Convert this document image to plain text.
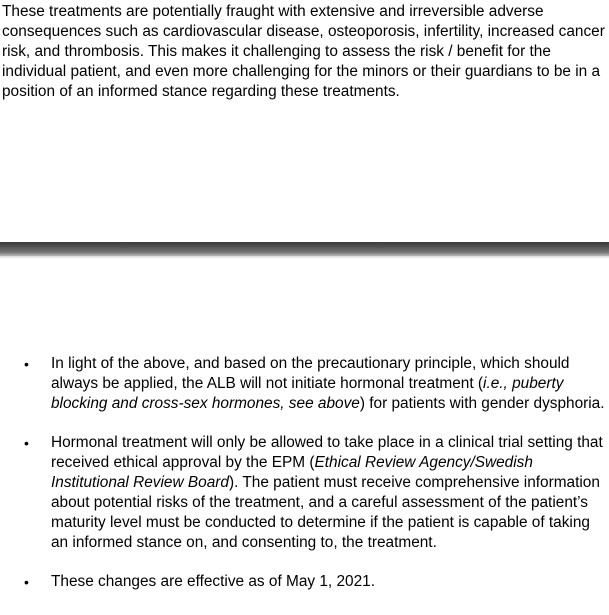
These treatments are potentially fraught with extensive and irreversible adverse consequences such as cardiovascular disease, osteoporosis, infertility, increased cancer risk, and thrombosis. This makes it challenging to assess the risk / benefit for the individual patient, and even more challenging for the minors or their guardians to be in a position of an informed stance regarding these treatments.

• In light of the above, and based on the precautionary principle, which should always be applied, the ALB will not initiate hormonal treatment (i.e., puberty blocking and cross-sex hormones, see above) for patients with gender dysphoria.
• Hormonal treatment will only be allowed to take place in a clinical trial setting that received ethical approval by the EPM (Ethical Review Agency/Swedish Institutional Review Board). The patient must receive comprehensive information about potential risks of the treatment, and a careful assessment of the patient’s maturity level must be conducted to determine if the patient is capable of taking an informed stance on, and consenting to, the treatment.
• These changes are effective as of May 1, 2021.
